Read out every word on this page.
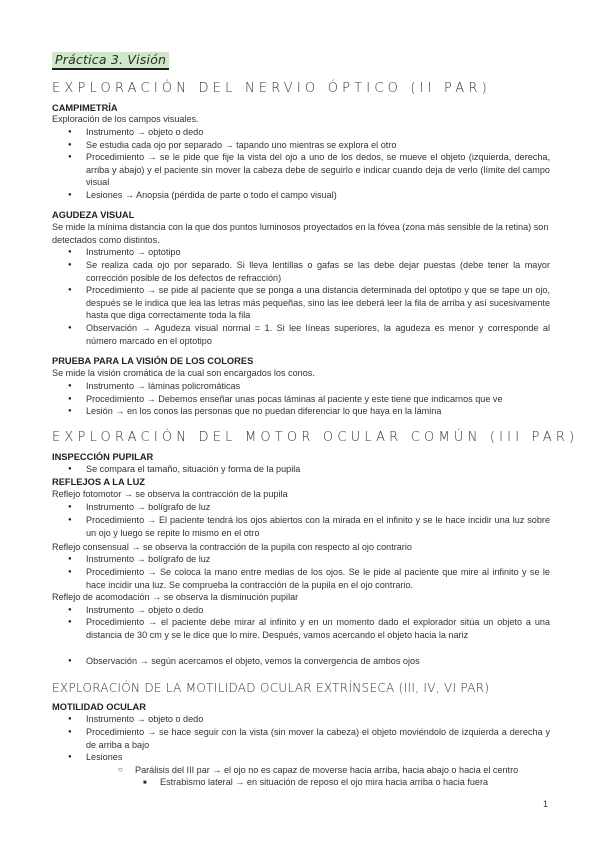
Práctica 3. Visión
EXPLORACIÓN DEL NERVIO ÓPTICO (II PAR)
CAMPIMETRÍA
Exploración de los campos visuales.
● Instrumento → objeto o dedo
● Se estudia cada ojo por separado → tapando uno mientras se explora el otro
● Procedimiento → se le pide que fije la vista del ojo a uno de los dedos, se mueve el objeto (izquierda, derecha, arriba y abajo) y el paciente sin mover la cabeza debe de seguirlo e indicar cuando deja de verlo (límite del campo visual
● Lesiones → Anopsia (pérdida de parte o todo el campo visual)
AGUDEZA VISUAL
Se mide la mínima distancia con la que dos puntos luminosos proyectados en la fóvea (zona más sensible de la retina) son detectados como distintos.
● Instrumento → optotipo
● Se realiza cada ojo por separado. Si lleva lentillas o gafas se las debe dejar puestas (debe tener la mayor corrección posible de los defectos de refracción)
● Procedimiento → se pide al paciente que se ponga a una distancia determinada del optotipo y que se tape un ojo, después se le indica que lea las letras más pequeñas, sino las lee deberá leer la fila de arriba y así sucesivamente hasta que diga correctamente toda la fila
● Observación → Agudeza visual normal = 1. Si lee líneas superiores, la agudeza es menor y corresponde al número marcado en el optotipo
PRUEBA PARA LA VISIÓN DE LOS COLORES
Se mide la visión cromática de la cual son encargados los conos.
● Instrumento → láminas policromáticas
● Procedimiento → Debemos enseñar unas pocas láminas al paciente y este tiene que indicarnos que ve
● Lesión → en los conos las personas que no puedan diferenciar lo que haya en la lámina
EXPLORACIÓN DEL MOTOR OCULAR COMÚN (III PAR)
INSPECCIÓN PUPILAR
● Se compara el tamaño, situación y forma de la pupila
REFLEJOS A LA LUZ
Reflejo fotomotor → se observa la contracción de la pupila
● Instrumento → bolígrafo de luz
● Procedimiento → El paciente tendrá los ojos abiertos con la mirada en el infinito y se le hace incidir una luz sobre un ojo y luego se repite lo mismo en el otro
Reflejo consensual → se observa la contracción de la pupila con respecto al ojo contrario
● Instrumento → bolígrafo de luz
● Procedimiento → Se coloca la mano entre medias de los ojos. Se le pide al paciente que mire al infinito y se le hace incidir una luz. Se comprueba la contracción de la pupila en el ojo contrario.
Reflejo de acomodación → se observa la disminución pupilar
● Instrumento → objeto o dedo
● Procedimiento → el paciente debe mirar al infinito y en un momento dado el explorador sitúa un objeto a una distancia de 30 cm y se le dice que lo mire. Después, vamos acercando el objeto hacia la nariz
● Observación → según acercamos el objeto, vemos la convergencia de ambos ojos
EXPLORACIÓN DE LA MOTILIDAD OCULAR EXTRÍNSECA (III, IV, VI PAR)
MOTILIDAD OCULAR
● Instrumento → objeto o dedo
● Procedimiento → se hace seguir con la vista (sin mover la cabeza) el objeto moviéndolo de izquierda a derecha y de arriba a bajo
● Lesiones
○ Parálisis del III par → el ojo no es capaz de moverse hacia arriba, hacia abajo o hacia el centro
■ Estrabismo lateral → en situación de reposo el ojo mira hacia arriba o hacia fuera
1
